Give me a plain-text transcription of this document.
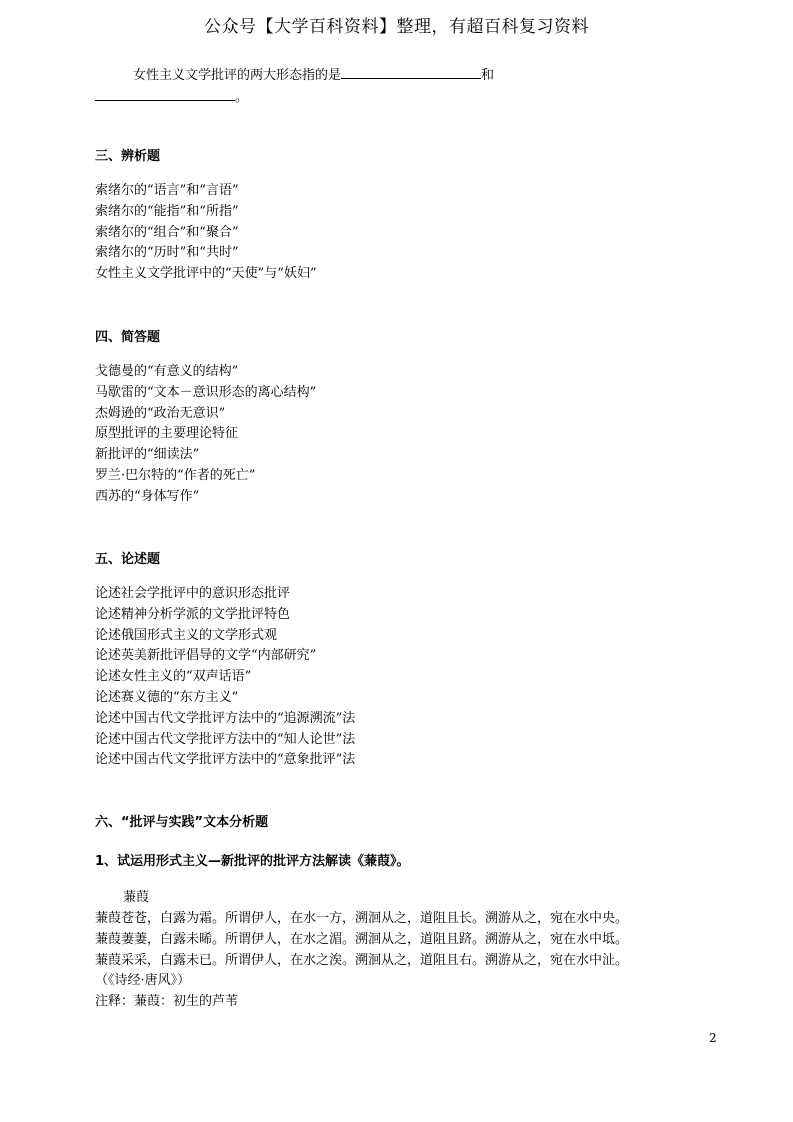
公众号【大学百科资料】整理，有超百科复习资料
女性主义文学批评的两大形态指的是	和
。
三、辨析题
索绪尔的“语言”和“言语”
索绪尔的“能指”和“所指”
索绪尔的“组合”和“聚合”
索绪尔的“历时”和“共时”
女性主义文学批评中的“天使”与“妖妇”
四、简答题
戈德曼的“有意义的结构”
马歇雷的“文本－意识形态的离心结构”
杰姆逊的“政治无意识”
原型批评的主要理论特征
新批评的“细读法”
罗兰·巴尔特的“作者的死亡”
西苏的“身体写作”
五、论述题
论述社会学批评中的意识形态批评
论述精神分析学派的文学批评特色
论述俄国形式主义的文学形式观
论述英美新批评倡导的文学“内部研究”
论述女性主义的“双声话语”
论述赛义德的“东方主义”
论述中国古代文学批评方法中的“追源溯流”法
论述中国古代文学批评方法中的“知人论世”法
论述中国古代文学批评方法中的“意象批评”法
六、“批评与实践”文本分析题
1、试运用形式主义—新批评的批评方法解读《蒹葭》。
蒹葭
蒹葭苍苍，白露为霜。所谓伊人，在水一方，溯洄从之，道阻且长。溯游从之，宛在水中央。
蒹葭萋萋，白露未晞。所谓伊人，在水之湄。溯洄从之，道阻且跻。溯游从之，宛在水中坻。
蒹葭采采，白露未已。所谓伊人，在水之涘。溯洄从之，道阻且右。溯游从之，宛在水中沚。
（《诗经·唐风》）
注释：蒹葭：初生的芦苇
2
